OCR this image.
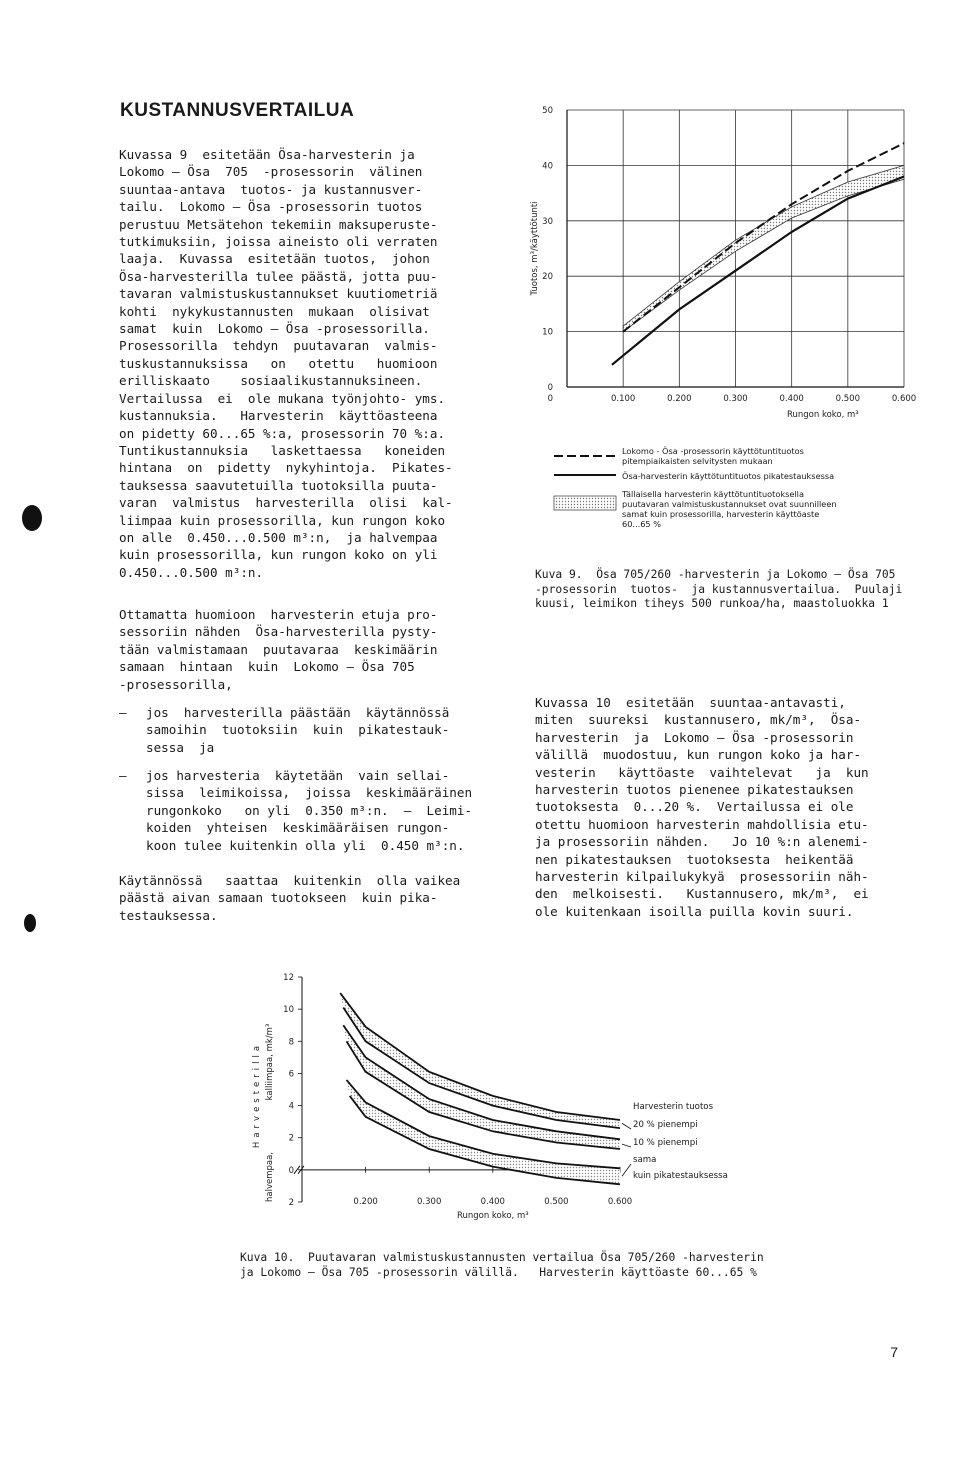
KUSTANNUSVERTAILUA
Kuvassa 9  esitetään Ösa-harvesterin ja
Lokomo — Ösa  705  -prosessorin  välinen
suuntaa-antava  tuotos- ja kustannusver-
tailu.  Lokomo — Ösa -prosessorin tuotos
perustuu Metsätehon tekemiin maksuperuste-
tutkimuksiin, joissa aineisto oli verraten
laaja.  Kuvassa  esitetään tuotos,  johon
Ösa-harvesterilla tulee päästä, jotta puu-
tavaran valmistuskustannukset kuutiometriä
kohti  nykykustannusten  mukaan  olisivat
samat  kuin  Lokomo — Ösa -prosessorilla.
Prosessorilla  tehdyn  puutavaran  valmis-
tuskustannuksissa   on   otettu   huomioon
erilliskaato    sosiaalikustannuksineen.
Vertailussa  ei  ole mukana työnjohto- yms.
kustannuksia.   Harvesterin  käyttöasteena
on pidetty 60...65 %:a, prosessorin 70 %:a.
Tuntikustannuksia   laskettaessa   koneiden
hintana  on  pidetty  nykyhintoja.  Pikates-
tauksessa saavutetuilla tuotoksilla puuta-
varan  valmistus  harvesterilla  olisi  kal-
liimpaa kuin prosessorilla, kun rungon koko
on alle  0.450...0.500 m³:n,  ja halvempaa
kuin prosessorilla, kun rungon koko on yli
0.450...0.500 m³:n.
Ottamatta huomioon  harvesterin etuja pro-
sessoriin nähden  Ösa-harvesterilla pysty-
tään valmistamaan  puutavaraa  keskimäärin
samaan  hintaan  kuin  Lokomo — Ösa 705
-prosessorilla,
— jos  harvesterilla päästään  käytännössä
samoihin  tuotoksiin  kuin  pikatestauk-
sessa  ja
— jos harvesteria  käytetään  vain sellai-
sissa  leimikoissa,  joissa  keskimääräinen
rungonkoko   on yli  0.350 m³:n.  —  Leimi-
koiden  yhteisen  keskimääräisen rungon-
koon tulee kuitenkin olla yli  0.450 m³:n.
Käytännössä   saattaa  kuitenkin  olla vaikea
päästä aivan samaan tuotokseen  kuin pika-
testauksessa.
Kuvassa 10  esitetään  suuntaa-antavasti,
miten  suureksi  kustannusero, mk/m³,  Ösa-
harvesterin  ja  Lokomo — Ösa -prosessorin
välillä  muodostuu, kun rungon koko ja har-
vesterin   käyttöaste  vaihtelevat   ja  kun
harvesterin tuotos pienenee pikatestauksen
tuotoksesta  0...20 %.  Vertailussa ei ole
otettu huomioon harvesterin mahdollisia etu-
ja prosessoriin nähden.   Jo 10 %:n alenemi-
nen pikatestauksen  tuotoksesta  heikentää
harvesterin kilpailukykyä  prosessoriin näh-
den  melkoisesti.   Kustannusero, mk/m³,  ei
ole kuitenkaan isoilla puilla kovin suuri.
0
10
20
30
40
50
0.100	0.200	0.300	0.400	0.500	0.600
0
Rungon koko, m³
Tuotos, m³/käyttötunti
Lokomo - Ösa -prosessorin käyttötuntituotos
pitempiaikaisten selvitysten mukaan
Ösa-harvesterin käyttötuntituotos pikatestauksessa
Tällaisella harvesterin käyttötuntituotoksella
puutavaran valmistuskustannukset ovat suunnilleen
samat kuin prosessorilla, harvesterin käyttöaste
60...65 %
Kuva 9.  Ösa 705/260 -harvesterin ja Lokomo — Ösa 705
-prosessorin  tuotos-  ja kustannusvertailua.  Puulaji
kuusi, leimikon tiheys 500 runkoa/ha, maastoluokka 1
12
10
8
6
4
2
0
2	0.200	0.300	0.400	0.500	0.600
Rungon koko, m³
Harvesterilla kalliimpaa, mk/m³
halvempaa,
Harvesterin tuotos
20 % pienempi
10 % pienempi
sama
kuin pikatestauksessa
Kuva 10.  Puutavaran valmistuskustannusten vertailua Ösa 705/260 -harvesterin
ja Lokomo — Ösa 705 -prosessorin välillä.   Harvesterin käyttöaste 60...65 %
7
